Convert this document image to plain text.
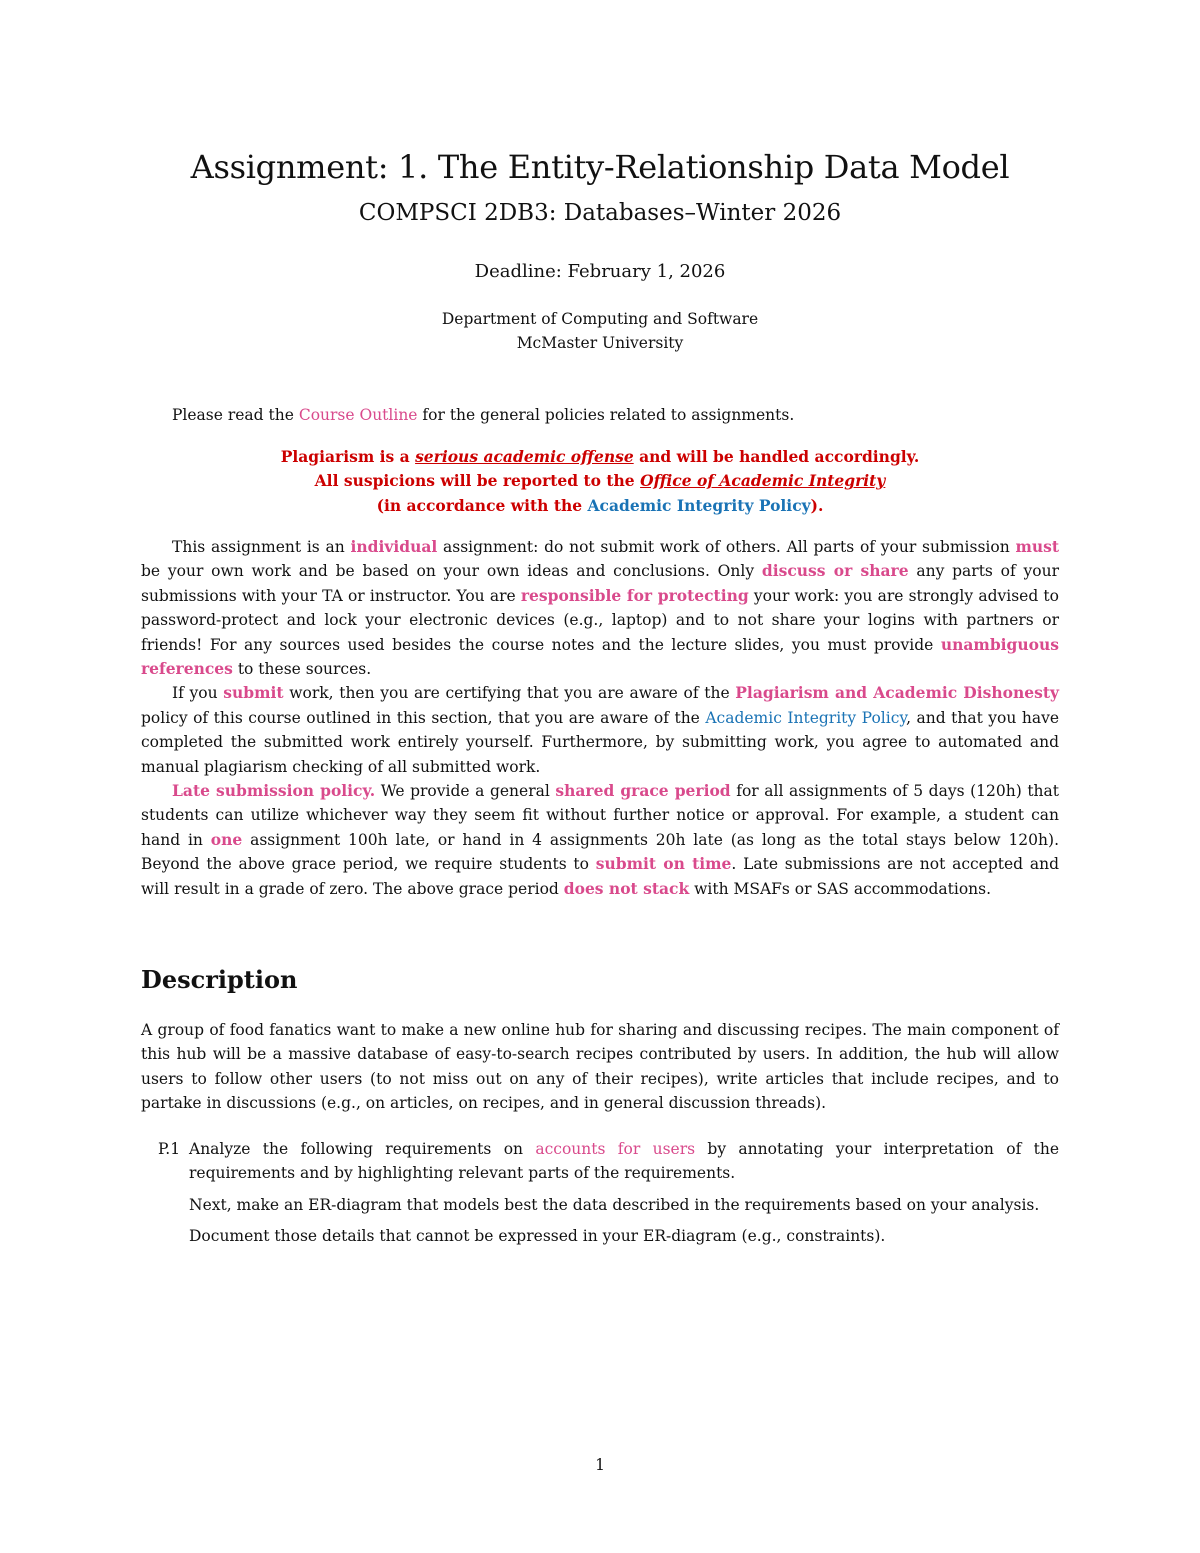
Assignment: 1. The Entity-Relationship Data Model
COMPSCI 2DB3: Databases–Winter 2026
Deadline: February 1, 2026
Department of Computing and Software
McMaster University
Please read the Course Outline for the general policies related to assignments.
Plagiarism is a serious academic offense and will be handled accordingly.
All suspicions will be reported to the Office of Academic Integrity
(in accordance with the Academic Integrity Policy).

This assignment is an individual assignment: do not submit work of others. All parts of your submission must be your own work and be based on your own ideas and conclusions. Only discuss or share any parts of your submissions with your TA or instructor. You are responsible for protecting your work: you are strongly advised to password-protect and lock your electronic devices (e.g., laptop) and to not share your logins with partners or friends! For any sources used besides the course notes and the lecture slides, you must provide unambiguous references to these sources.

If you submit work, then you are certifying that you are aware of the Plagiarism and Academic Dishonesty policy of this course outlined in this section, that you are aware of the Academic Integrity Policy, and that you have completed the submitted work entirely yourself. Furthermore, by submitting work, you agree to automated and manual plagiarism checking of all submitted work.

Late submission policy. We provide a general shared grace period for all assignments of 5 days (120h) that students can utilize whichever way they seem fit without further notice or approval. For example, a student can hand in one assignment 100h late, or hand in 4 assignments 20h late (as long as the total stays below 120h). Beyond the above grace period, we require students to submit on time. Late submissions are not accepted and will result in a grade of zero. The above grace period does not stack with MSAFs or SAS accommodations.

Description

A group of food fanatics want to make a new online hub for sharing and discussing recipes. The main component of this hub will be a massive database of easy-to-search recipes contributed by users. In addition, the hub will allow users to follow other users (to not miss out on any of their recipes), write articles that include recipes, and to partake in discussions (e.g., on articles, on recipes, and in general discussion threads).

P.1 Analyze the following requirements on accounts for users by annotating your interpretation of the requirements and by highlighting relevant parts of the requirements.

Next, make an ER-diagram that models best the data described in the requirements based on your analysis.

Document those details that cannot be expressed in your ER-diagram (e.g., constraints).

1
